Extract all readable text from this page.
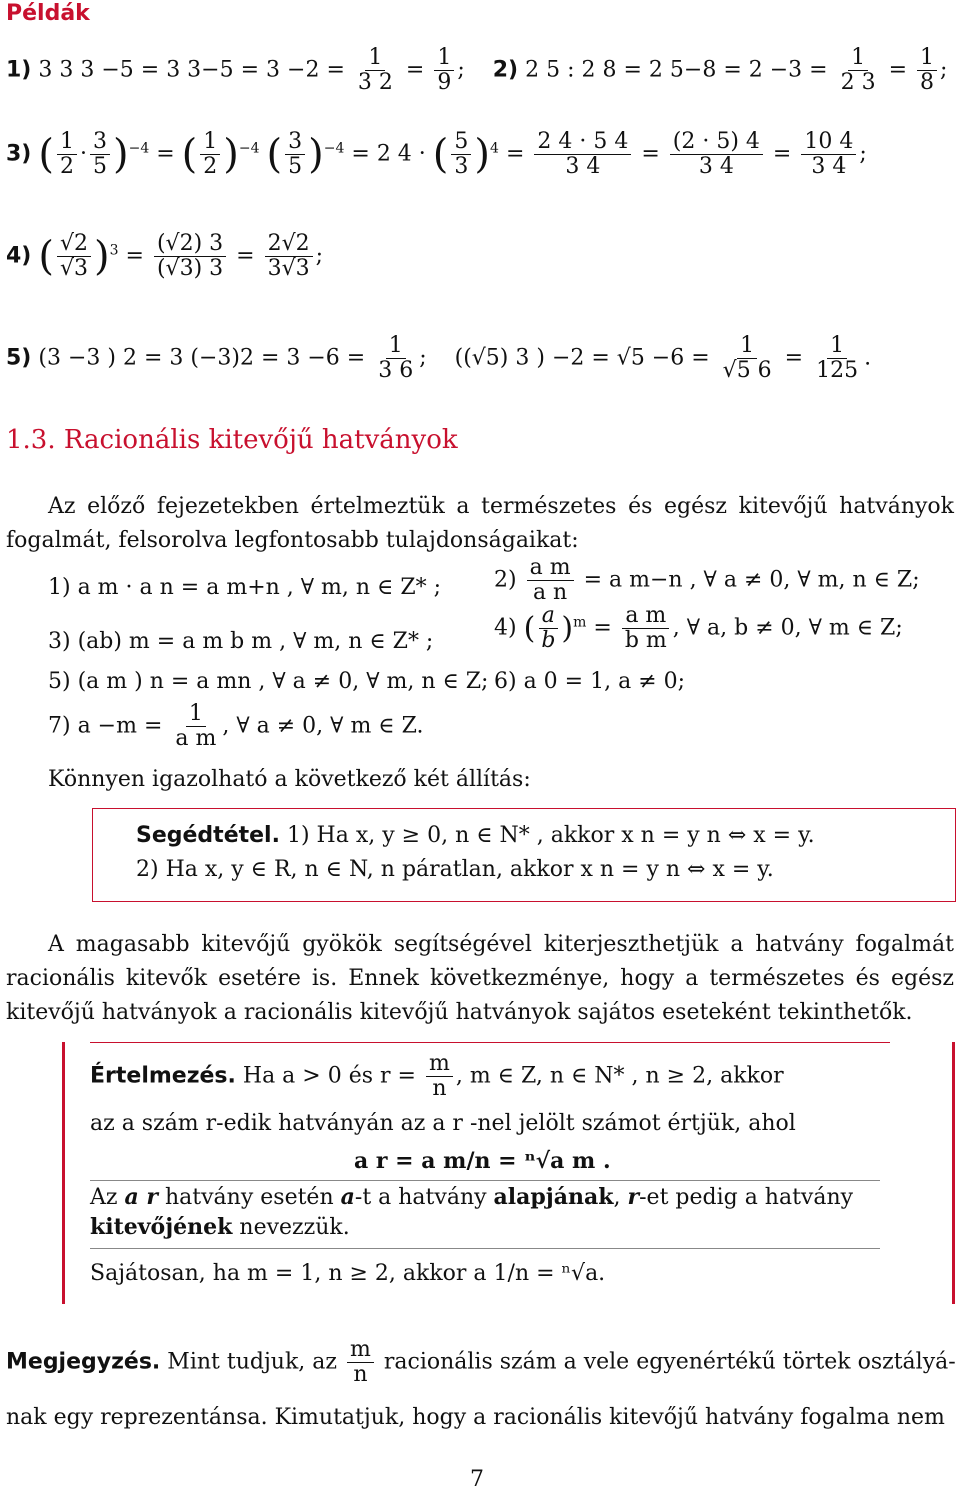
Példák
1) 3 3 3 −5 = 3 $3-5 = 3 -2 = \frac{1}{3 2} = \frac{1}{9}$ ; 2) 2 5 : 2 8 = 2 $5-8 = 2 -3 = \frac{1}{2 3} = \frac{1}{8}$ ;
3) ( $\frac{1}{2} \cdot \frac{3}{5} )^{-4}$ = ( $\frac{1}{2} )^{-4}$ ( $\frac{3}{5} )^{-4} = 2$ 4 · ( $\frac{5}{3} )^4 = \frac{2 4 \cdot 5 4}{3 4} = \frac{(2 \cdot 5) 4}{3 4} = \frac{10 4}{3 4}$ ;
4) ( $\frac{√2}{√3} )^3 = \frac{(√2) 3}{(√3) 3} = \frac{2√2}{3√3}$ ;
5) (3 −3 ) 2 = 3 $(-3)2 = 3 -6 = \frac{1}{3 6}$ ; ((√5) 3 ) $-2 = √5 -6 = \frac{1}{√5 6} = \frac{1}{125}$ .
1.3. Racionális kitevőjű hatványok

Az előző fejezetekben értelmeztük a természetes és egész kitevőjű hatványok fogalmát, felsorolva legfontosabb tulajdonságaikat:

1) a m · a n = a m+n , ∀ m, n ∈ Z* ; $2) \frac{\text{a m}}{\text{a n}} = a$ m−n , ∀ a ≠ 0, ∀ m, n ∈ Z;
3) (ab) m = a m b m , ∀ m, n ∈ Z* ;
4) ( $\frac{a}{b} )^m = \frac{\text{a m}}{\text{b m}}$ , ∀ a, b ≠ 0, ∀ m ∈ Z;
5) (a m ) n = a mn , ∀ a ≠ 0, ∀ m, n ∈ Z; 6) a 0 = 1, a ≠ 0;
7) $a -m = \frac{1}{\text{a m}}$ , ∀ a ≠ 0, ∀ m ∈ Z.
Könnyen igazolható a következő két állítás:
Segédtétel. 1) Ha x, y ≥ 0, n ∈ N* , akkor x n = y n ⇔ x = y.
2) Ha x, y ∈ R, n ∈ N, n páratlan, akkor x n = y n ⇔ x = y.

A magasabb kitevőjű gyökök segítségével kiterjeszthetjük a hatvány fogalmát racionális kitevők esetére is. Ennek következménye, hogy a természetes és egész kitevőjű hatványok a racionális kitevőjű hatványok sajátos eseteként tekinthetők.

Értelmezés. Ha a > 0 és $r = \frac{m}{n}$ , m ∈ Z, n ∈ N* , n ≥ 2, akkor
az a szám r-edik hatványán az a r -nel jelölt számot értjük, ahol
a r = a m/n = ⁿ√a m .
Az a r hatvány esetén a-t a hatvány alapjának, r-et pedig a hatvány
kitevőjének nevezzük.
Sajátosan, ha m = 1, n ≥ 2, akkor a 1/n = ⁿ√a.
Megjegyzés. Mint tudjuk, az $\frac{m}{n}$ racionális szám a vele egyenértékű törtek osztályá-
nak egy reprezentánsa. Kimutatjuk, hogy a racionális kitevőjű hatvány fogalma nem
7
